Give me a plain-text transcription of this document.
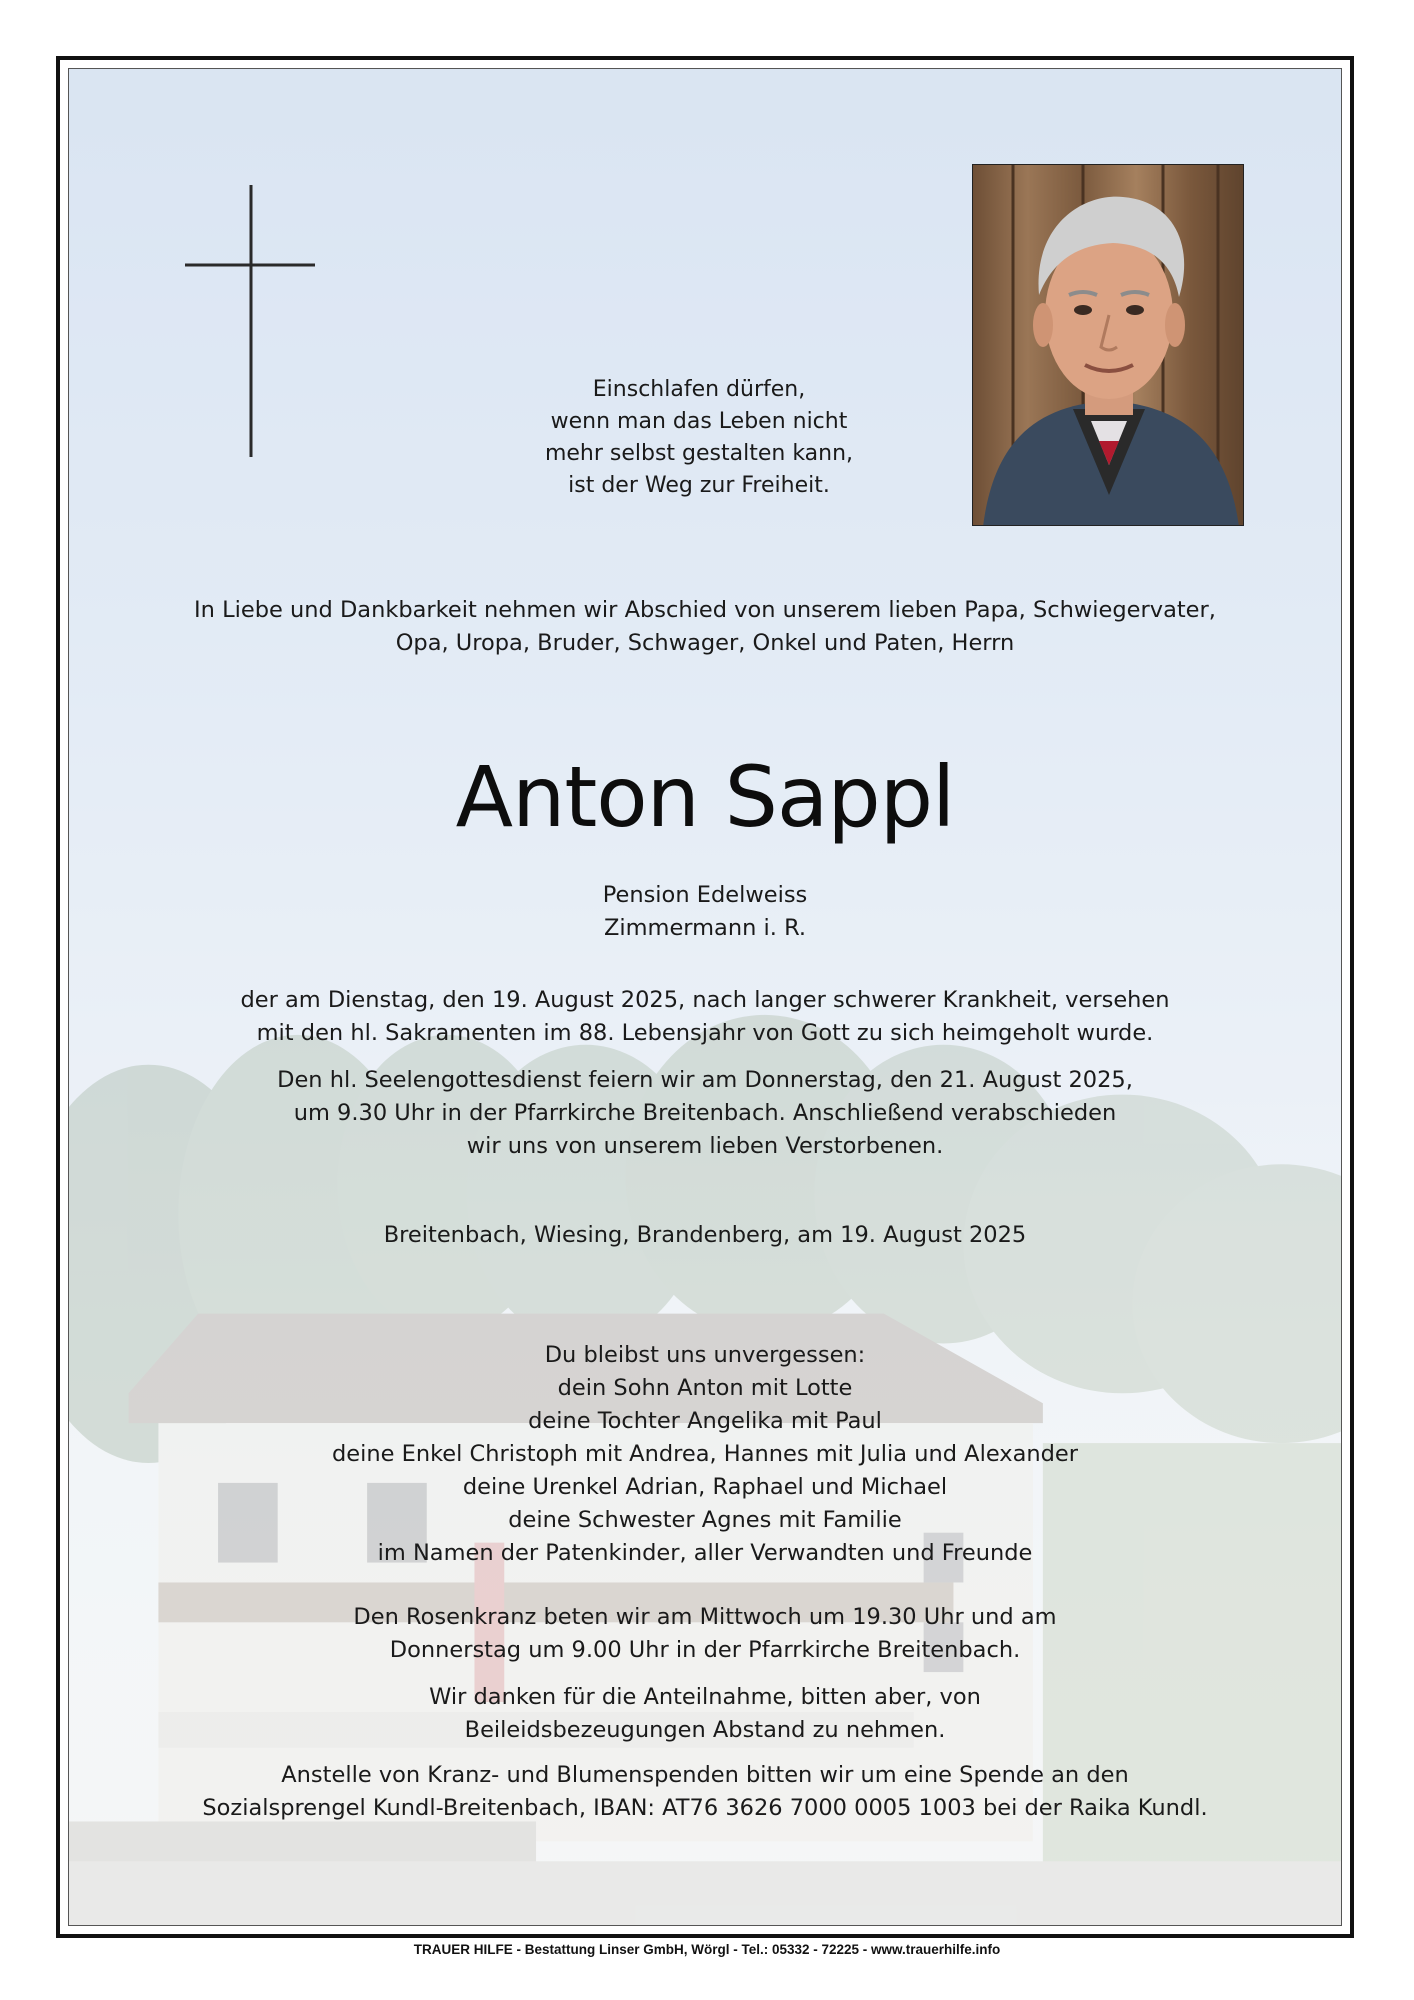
Einschlafen dürfen,
wenn man das Leben nicht
mehr selbst gestalten kann,
ist der Weg zur Freiheit.
In Liebe und Dankbarkeit nehmen wir Abschied von unserem lieben Papa, Schwiegervater,
Opa, Uropa, Bruder, Schwager, Onkel und Paten, Herrn
Anton Sappl
Pension Edelweiss
Zimmermann i. R.
der am Dienstag, den 19. August 2025, nach langer schwerer Krankheit, versehen
mit den hl. Sakramenten im 88. Lebensjahr von Gott zu sich heimgeholt wurde.
Den hl. Seelengottesdienst feiern wir am Donnerstag, den 21. August 2025,
um 9.30 Uhr in der Pfarrkirche Breitenbach. Anschließend verabschieden
wir uns von unserem lieben Verstorbenen.
Breitenbach, Wiesing, Brandenberg, am 19. August 2025
Du bleibst uns unvergessen:
dein Sohn Anton mit Lotte
deine Tochter Angelika mit Paul
deine Enkel Christoph mit Andrea, Hannes mit Julia und Alexander
deine Urenkel Adrian, Raphael und Michael
deine Schwester Agnes mit Familie
im Namen der Patenkinder, aller Verwandten und Freunde
Den Rosenkranz beten wir am Mittwoch um 19.30 Uhr und am
Donnerstag um 9.00 Uhr in der Pfarrkirche Breitenbach.
Wir danken für die Anteilnahme, bitten aber, von
Beileidsbezeugungen Abstand zu nehmen.
Anstelle von Kranz- und Blumenspenden bitten wir um eine Spende an den
Sozialsprengel Kundl-Breitenbach, IBAN: AT76 3626 7000 0005 1003 bei der Raika Kundl.
TRAUER HILFE - Bestattung Linser GmbH, Wörgl - Tel.: 05332 - 72225 - www.trauerhilfe.info
